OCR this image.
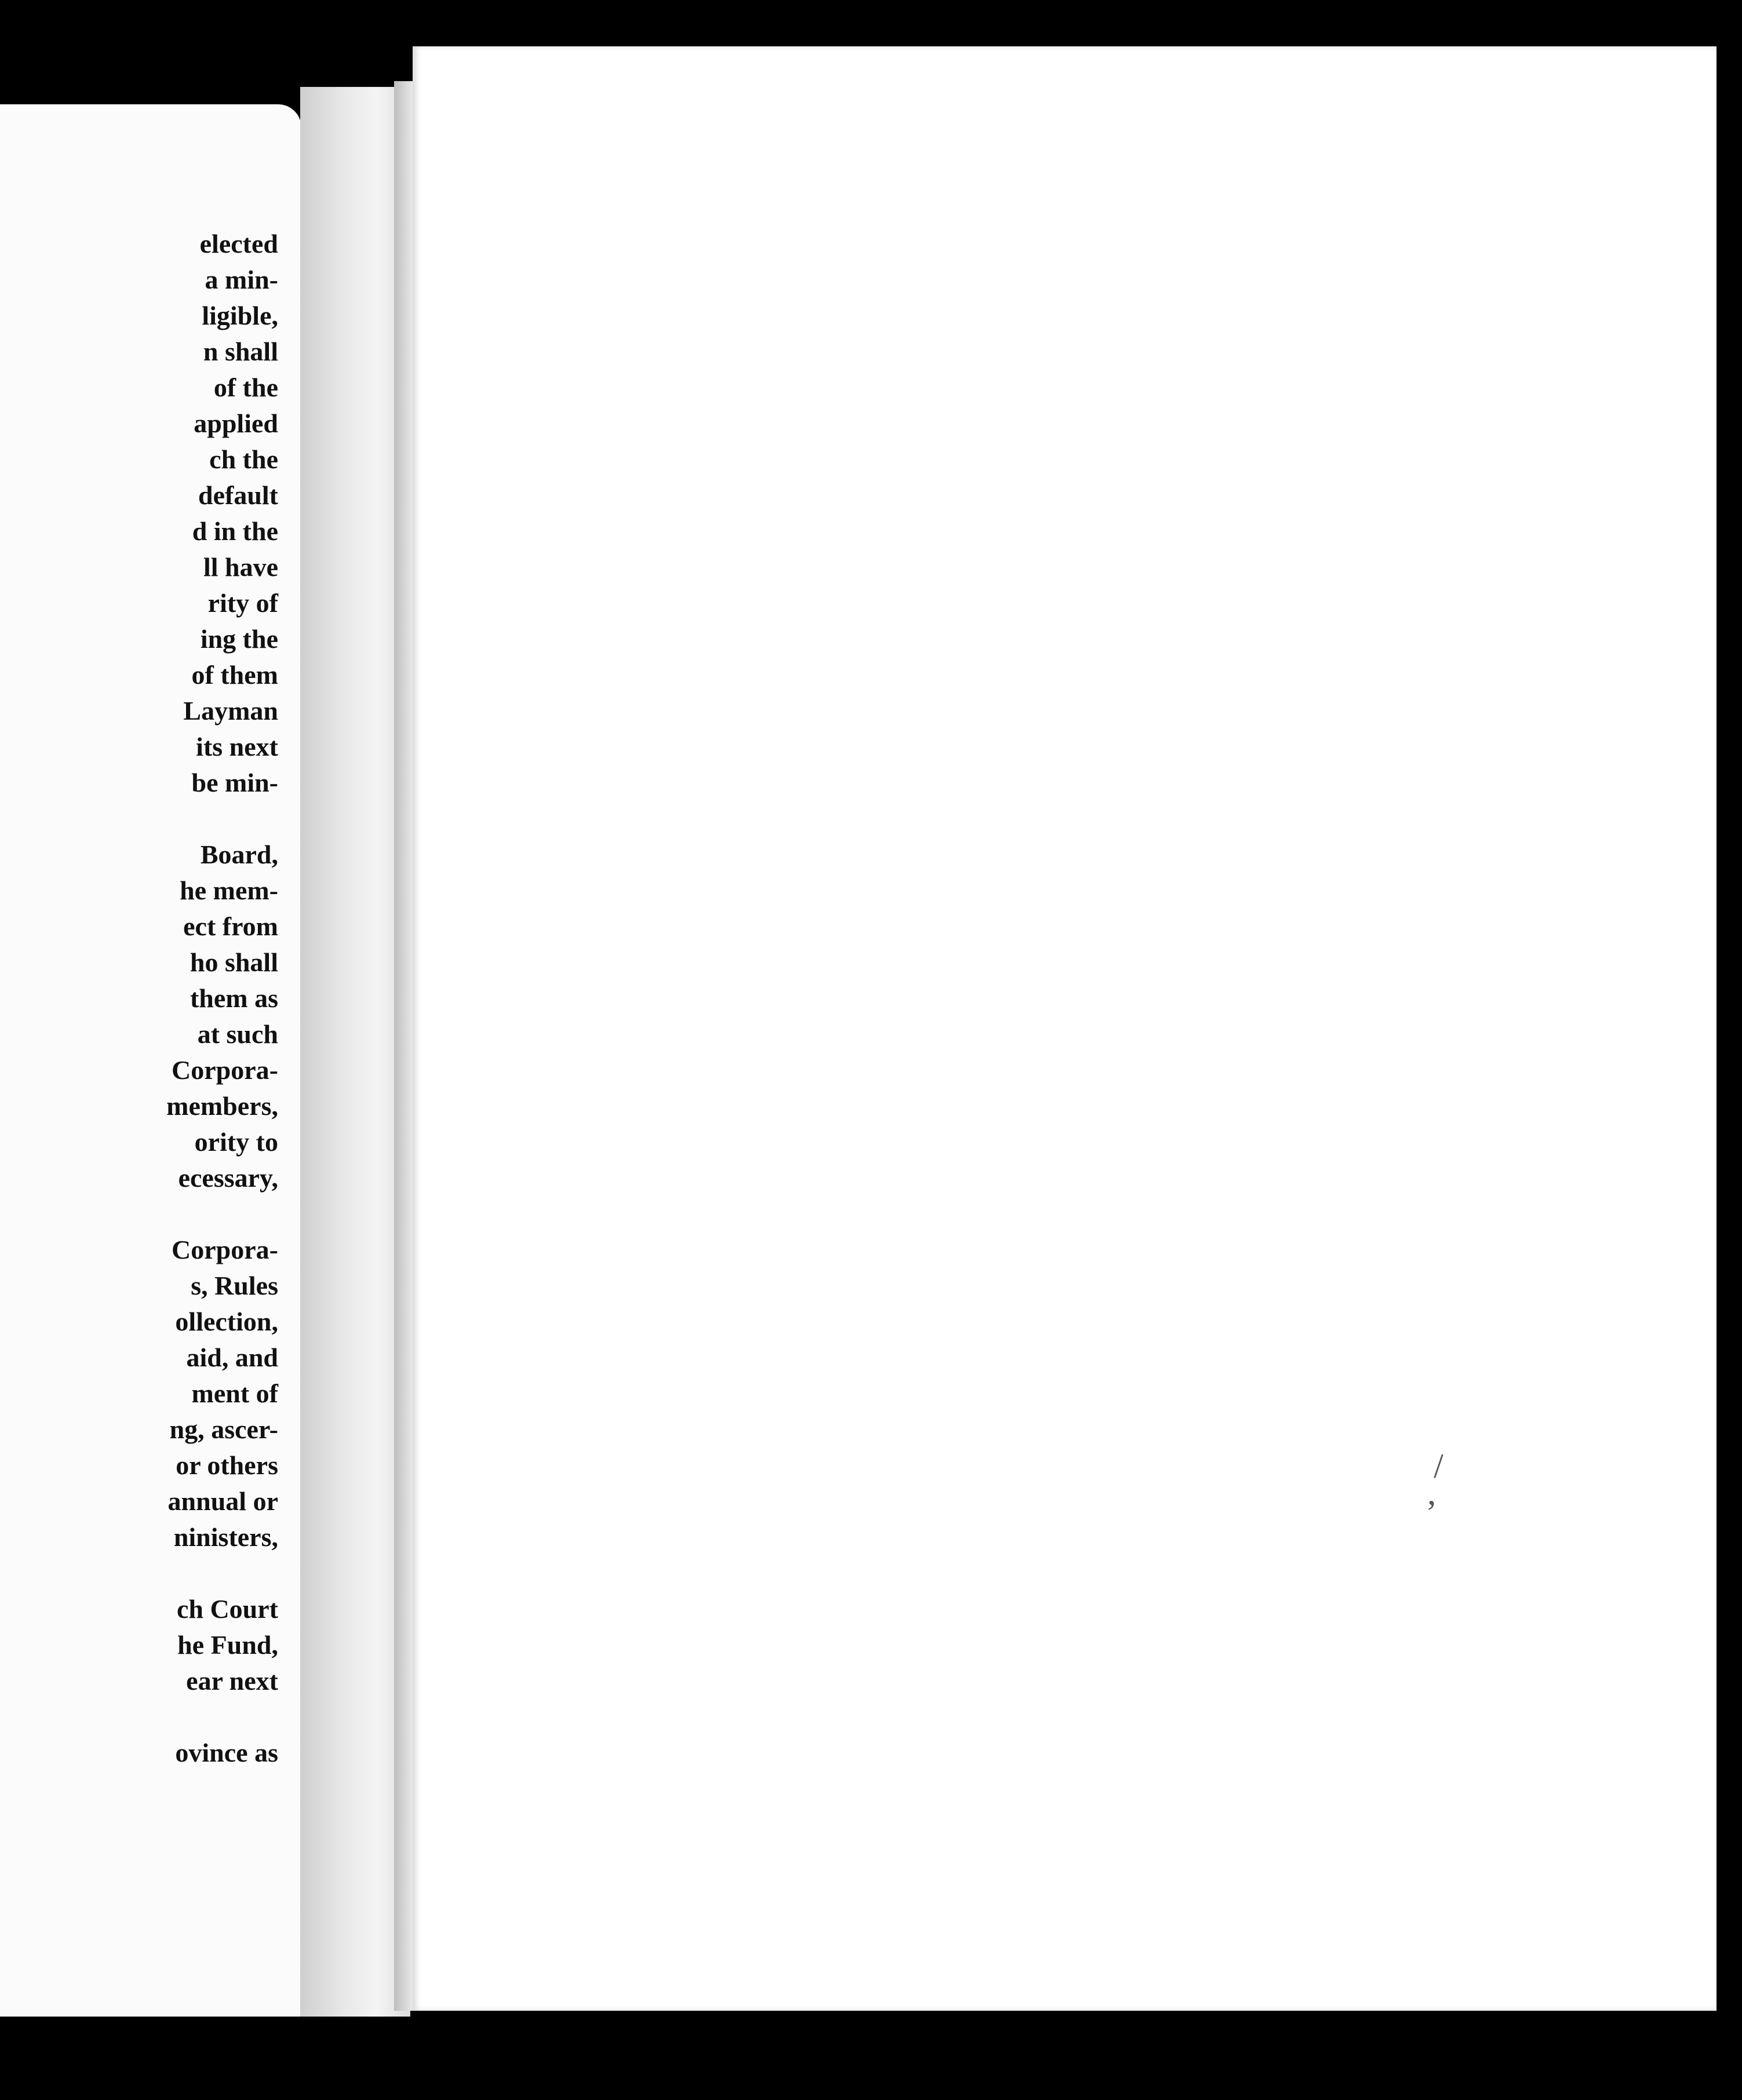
elected
a min-
ligible,
n shall
of the
applied
ch the
default
d in the
ll have
rity of
ing the
of them
Layman
its next
be min-
Board,
he mem-
ect from
ho shall
them as
at such
Corpora-
members,
ority to
ecessary,
Corpora-
s, Rules
ollection,
aid, and
ment of
ng, ascer-
or others
annual or
ninisters,
ch Court
he Fund,
ear next
ovince as
/
’
